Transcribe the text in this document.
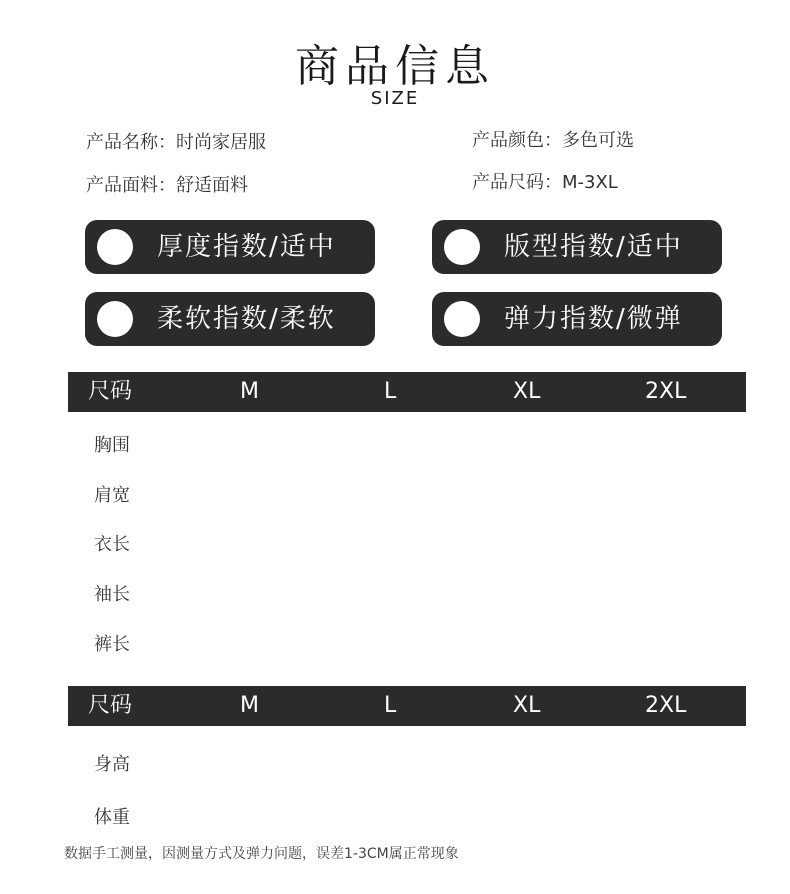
商品信息
SIZE
产品名称：时尚家居服	产品颜色：多色可选
产品面料：舒适面料	产品尺码：M-3XL
厚度指数/适中	版型指数/适中
柔软指数/柔软	弹力指数/微弹
尺码	M	L	XL	2XL
胸围
肩宽
衣长
袖长
裤长
尺码	M	L	XL	2XL
身高
体重
数据手工测量，因测量方式及弹力问题，误差1-3CM属正常现象
